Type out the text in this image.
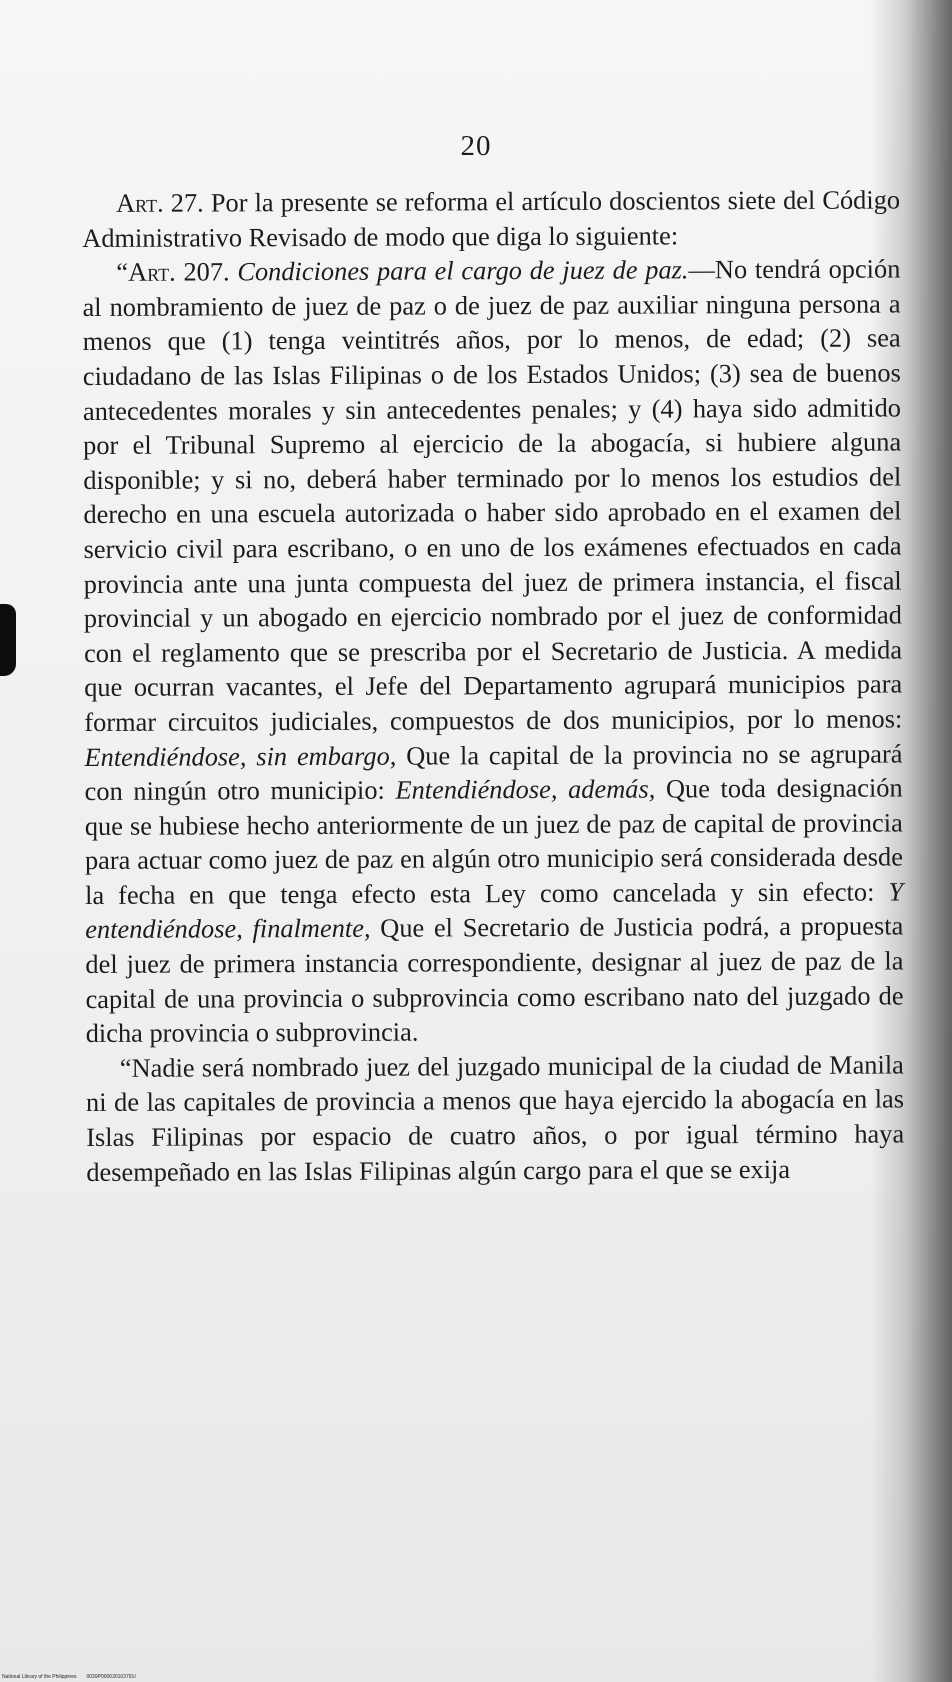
20

Art. 27. Por la presente se reforma el artículo doscientos siete del Código Administrativo Revisado de modo que diga lo siguiente:

“Art. 207. Condiciones para el cargo de juez de paz.—No tendrá opción al nombramiento de juez de paz o de juez de paz auxiliar ninguna persona a menos que (1) tenga veintitrés años, por lo menos, de edad; (2) sea ciudadano de las Islas Filipinas o de los Estados Unidos; (3) sea de buenos antecedentes morales y sin antecedentes penales; y (4) haya sido admitido por el Tribunal Supremo al ejercicio de la abogacía, si hubiere alguna disponible; y si no, deberá haber terminado por lo menos los estudios del derecho en una escuela autorizada o haber sido aprobado en el examen del servicio civil para escribano, o en uno de los exámenes efectuados en cada provincia ante una junta compuesta del juez de primera instancia, el fiscal provincial y un abogado en ejercicio nombrado por el juez de conformidad con el reglamento que se prescriba por el Secretario de Justicia. A medida que ocurran vacantes, el Jefe del Departamento agrupará municipios para formar circuitos judiciales, compuestos de dos municipios, por lo menos: Entendiéndose, sin embargo, Que la capital de la provincia no se agrupará con ningún otro municipio: Entendiéndose, además, Que toda designación que se hubiese hecho anteriormente de un juez de paz de capital de provincia para actuar como juez de paz en algún otro municipio será considerada desde la fecha en que tenga efecto esta Ley como cancelada y sin efecto: Y entendiéndose, finalmente, Que el Secretario de Justicia podrá, a propuesta del juez de primera instancia correspondiente, designar al juez de paz de la capital de una provincia o subprovincia como escribano nato del juzgado de dicha provincia o subprovincia.

“Nadie será nombrado juez del juzgado municipal de la ciudad de Manila ni de las capitales de provincia a menos que haya ejercido la abogacía en las Islas Filipinas por espacio de cuatro años, o por igual término haya desempeñado en las Islas Filipinas algún cargo para el que se exija

National Library of the Philippines 0039P000630103791I
